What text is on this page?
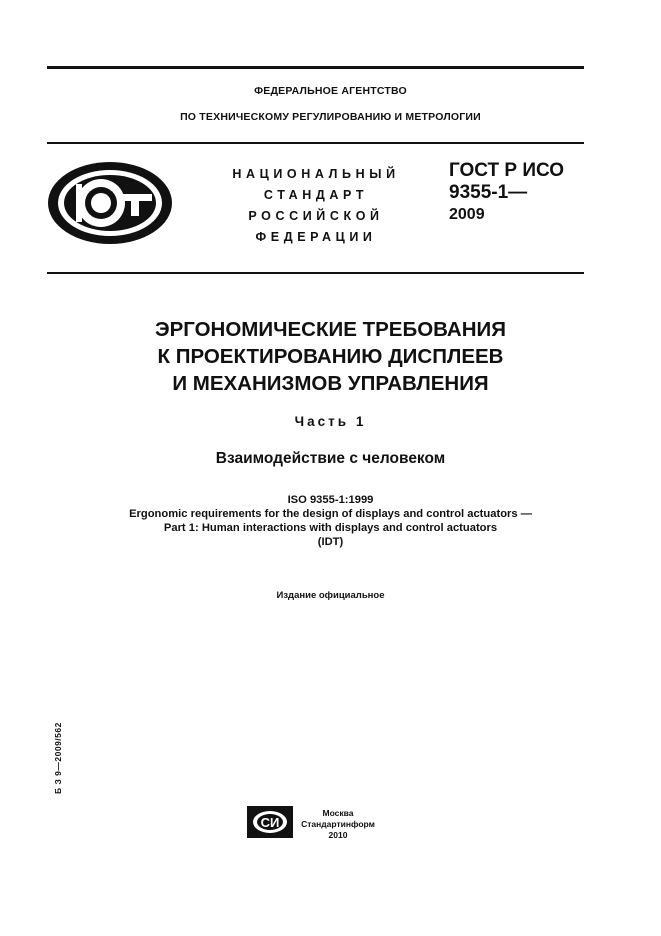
ФЕДЕРАЛЬНОЕ АГЕНТСТВО
ПО ТЕХНИЧЕСКОМУ РЕГУЛИРОВАНИЮ И МЕТРОЛОГИИ
НАЦИОНАЛЬНЫЙ
СТАНДАРТ
РОССИЙСКОЙ
ФЕДЕРАЦИИ
ГОСТ Р ИСО
9355-1—
2009
ЭРГОНОМИЧЕСКИЕ ТРЕБОВАНИЯ
К ПРОЕКТИРОВАНИЮ ДИСПЛЕЕВ
И МЕХАНИЗМОВ УПРАВЛЕНИЯ
Часть 1
Взаимодействие с человеком
ISO 9355-1:1999
Ergonomic requirements for the design of displays and control actuators —
Part 1: Human interactions with displays and control actuators
(IDT)
Издание официальное
Б З 9—2009/562
СИ
Москва
Стандартинформ
2010
